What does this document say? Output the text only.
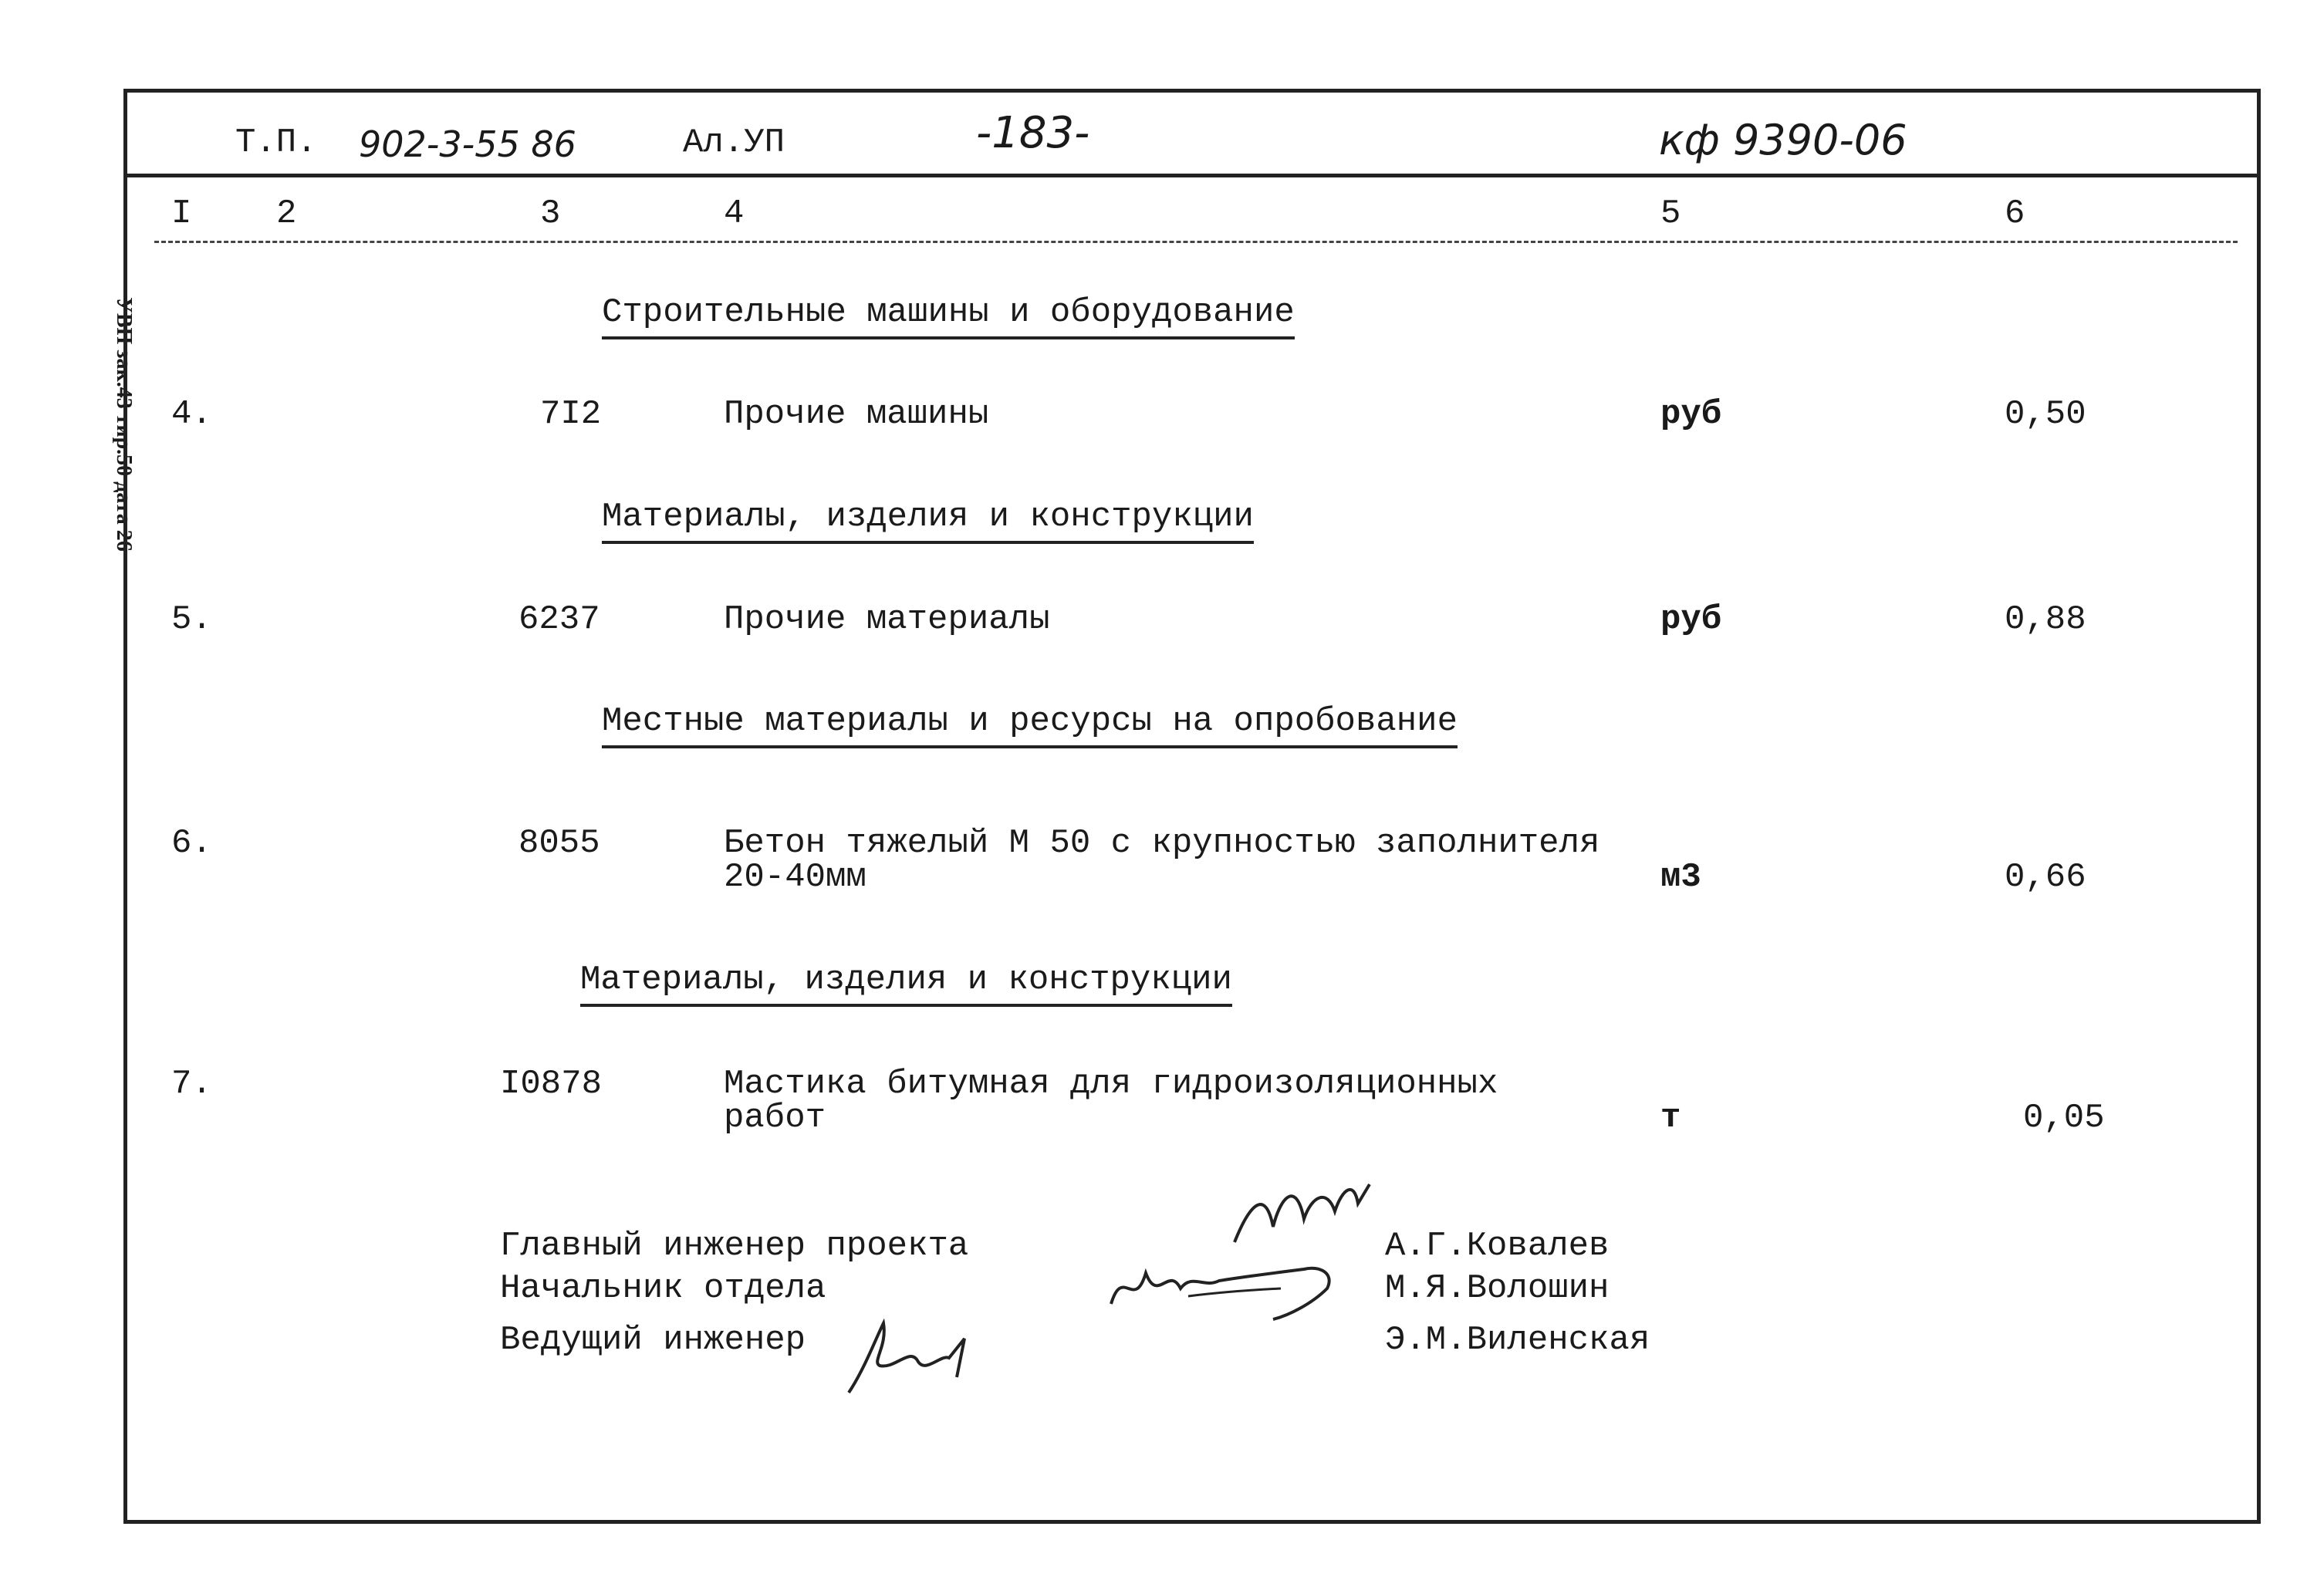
УВП зак.43 тир.50 дата 26
Т.П. 902-3-55 86	Ал.УП	-183-	кф 9390-06
I 2	3	4	5	6
Строительные машины и оборудование
4.	7I2	Прочие машины	руб	0,50
Материалы, изделия и конструкции
5.	6237	Прочие материалы	руб	0,88
Местные материалы и ресурсы на опробование
6.	8055	Бетон тяжелый М 50 с крупностью заполнителя
20-40мм	м3	0,66
Материалы, изделия и конструкции
7.	I0878	Мастика битумная для гидроизоляционных
работ	т	0,05
Главный инженер проекта
Начальник отдела
Ведущий инженер
А.Г.Ковалев
М.Я.Волошин
Э.М.Виленская
